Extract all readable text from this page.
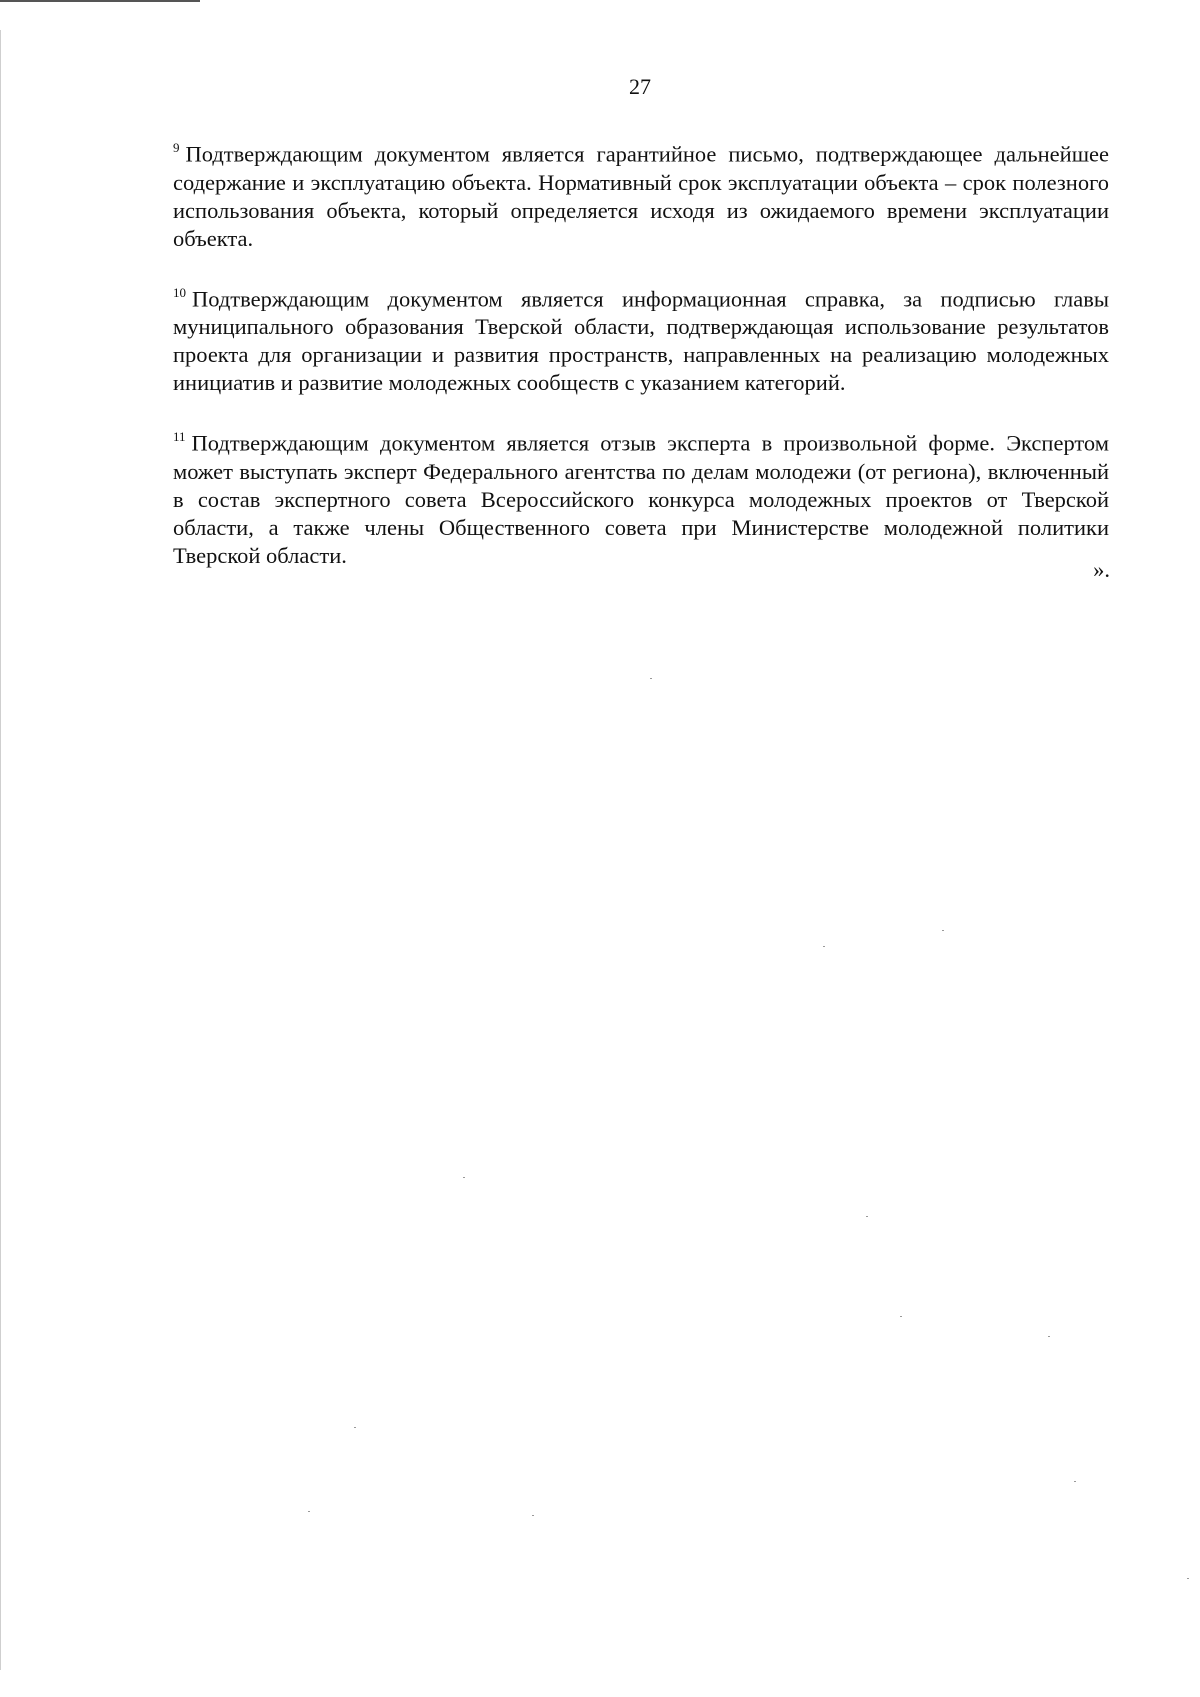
27

$^9$ Подтверждающим документом является гарантийное письмо, подтверждающее дальнейшее содержание и эксплуатацию объекта. Нормативный срок эксплуатации объекта – срок полезного использования объекта, который определяется исходя из ожидаемого времени эксплуатации объекта.

$^{10}$ Подтверждающим документом является информационная справка, за подписью главы муниципального образования Тверской области, подтверждающая использование результатов проекта для организации и развития пространств, направленных на реализацию молодежных инициатив и развитие молодежных сообществ с указанием категорий.

$^{11}$ Подтверждающим документом является отзыв эксперта в произвольной форме. Экспертом может выступать эксперт Федерального агентства по делам молодежи (от региона), включенный в состав экспертного совета Всероссийского конкурса молодежных проектов от Тверской области, а также члены Общественного совета при Министерстве молодежной политики Тверской области.

».
